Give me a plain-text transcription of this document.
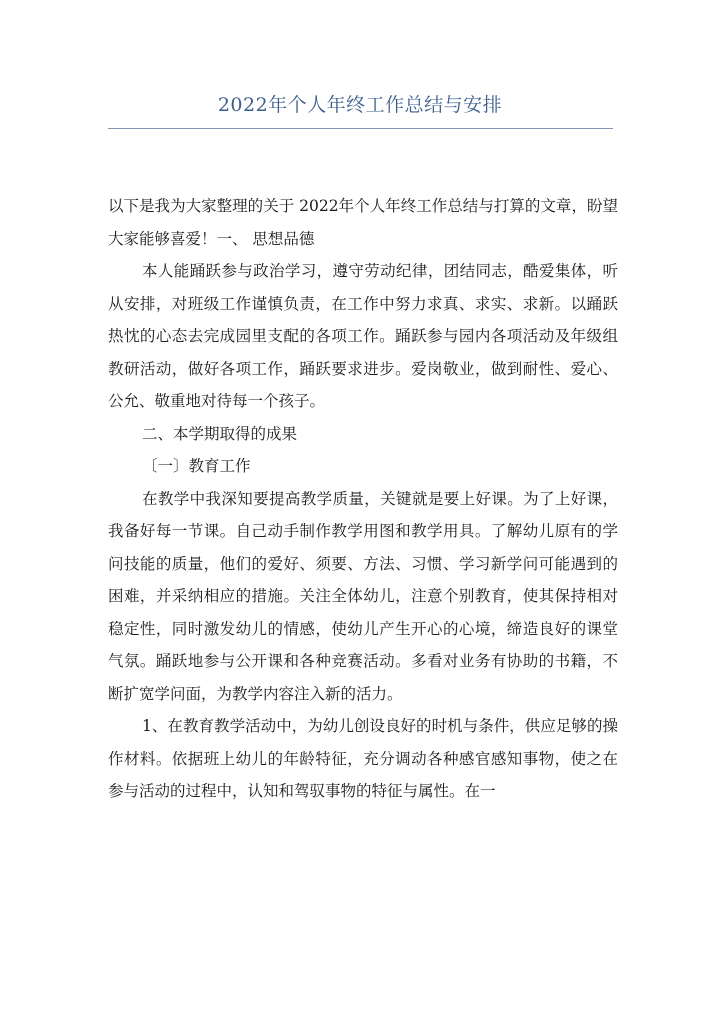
2022年个人年终工作总结与安排

以下是我为大家整理的关于 2022年个人年终工作总结与打算的文章，盼望大家能够喜爱！一、 思想品德

本人能踊跃参与政治学习，遵守劳动纪律，团结同志，酷爱集体，听从安排，对班级工作谨慎负责，在工作中努力求真、求实、求新。以踊跃热忱的心态去完成园里支配的各项工作。踊跃参与园内各项活动及年级组教研活动，做好各项工作，踊跃要求进步。爱岗敬业，做到耐性、爱心、公允、敬重地对待每一个孩子。

二、本学期取得的成果

〔一〕教育工作

在教学中我深知要提高教学质量，关键就是要上好课。为了上好课，我备好每一节课。自己动手制作教学用图和教学用具。了解幼儿原有的学问技能的质量，他们的爱好、须要、方法、习惯、学习新学问可能遇到的困难，并采纳相应的措施。关注全体幼儿，注意个别教育，使其保持相对稳定性，同时激发幼儿的情感，使幼儿产生开心的心境，缔造良好的课堂气氛。踊跃地参与公开课和各种竞赛活动。多看对业务有协助的书籍，不断扩宽学问面，为教学内容注入新的活力。

1、在教育教学活动中，为幼儿创设良好的时机与条件，供应足够的操作材料。依据班上幼儿的年龄特征，充分调动各种感官感知事物，使之在参与活动的过程中，认知和驾驭事物的特征与属性。在一
